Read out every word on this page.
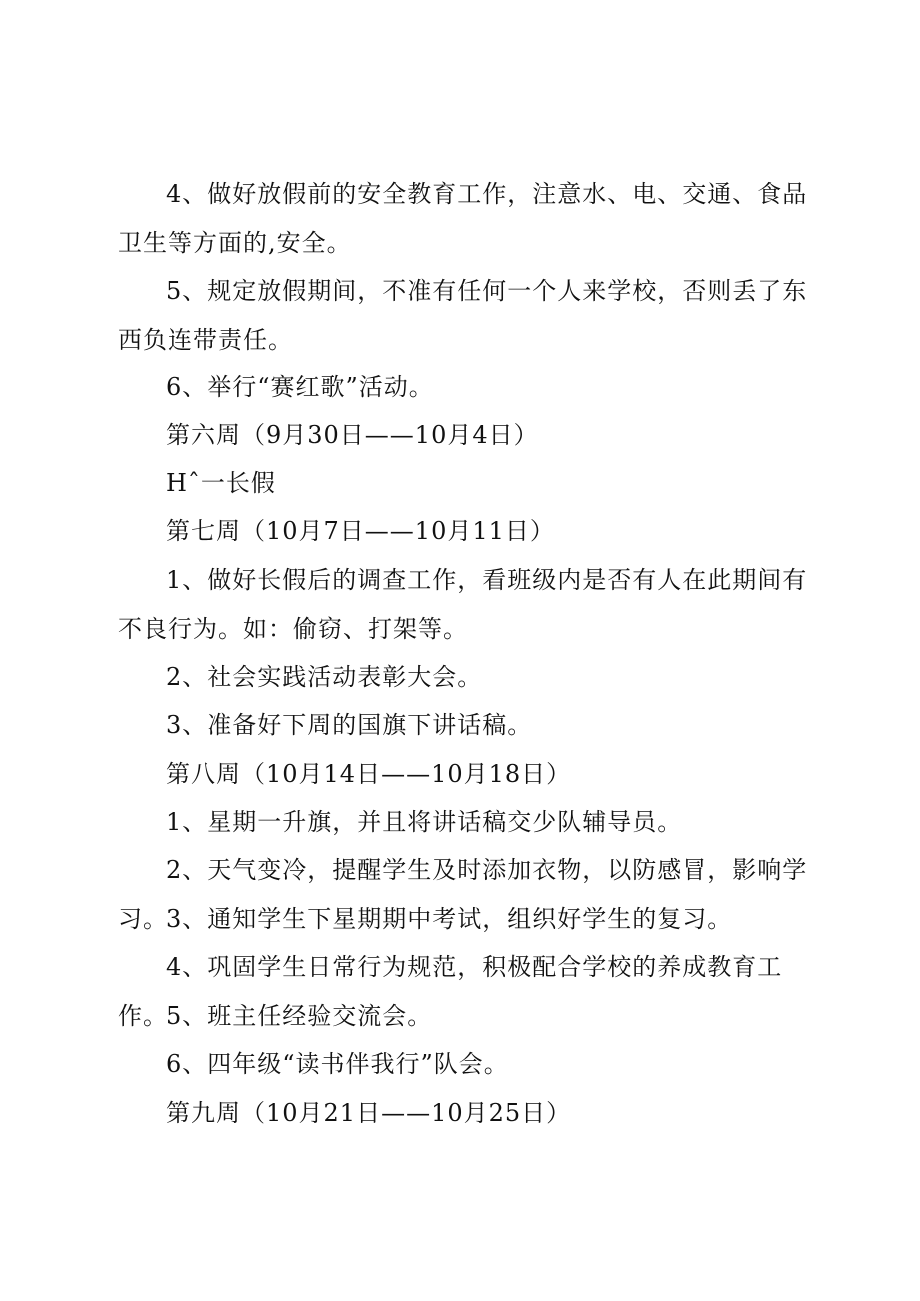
4、做好放假前的安全教育工作，注意水、电、交通、食品卫生等方面的,安全。

5、规定放假期间，不准有任何一个人来学校，否则丢了东西负连带责任。

6、举行“赛红歌”活动。

第六周（9月30日——10月4日）

Hˆ一长假

第七周（10月7日——10月11日）

1、做好长假后的调查工作，看班级内是否有人在此期间有不良行为。如：偷窃、打架等。

2、社会实践活动表彰大会。

3、准备好下周的国旗下讲话稿。

第八周（10月14日——10月18日）

1、星期一升旗，并且将讲话稿交少队辅导员。

2、天气变冷，提醒学生及时添加衣物，以防感冒，影响学习。

3、通知学生下星期期中考试，组织好学生的复习。

4、巩固学生日常行为规范，积极配合学校的养成教育工作。

5、班主任经验交流会。

6、四年级“读书伴我行”队会。

第九周（10月21日——10月25日）
